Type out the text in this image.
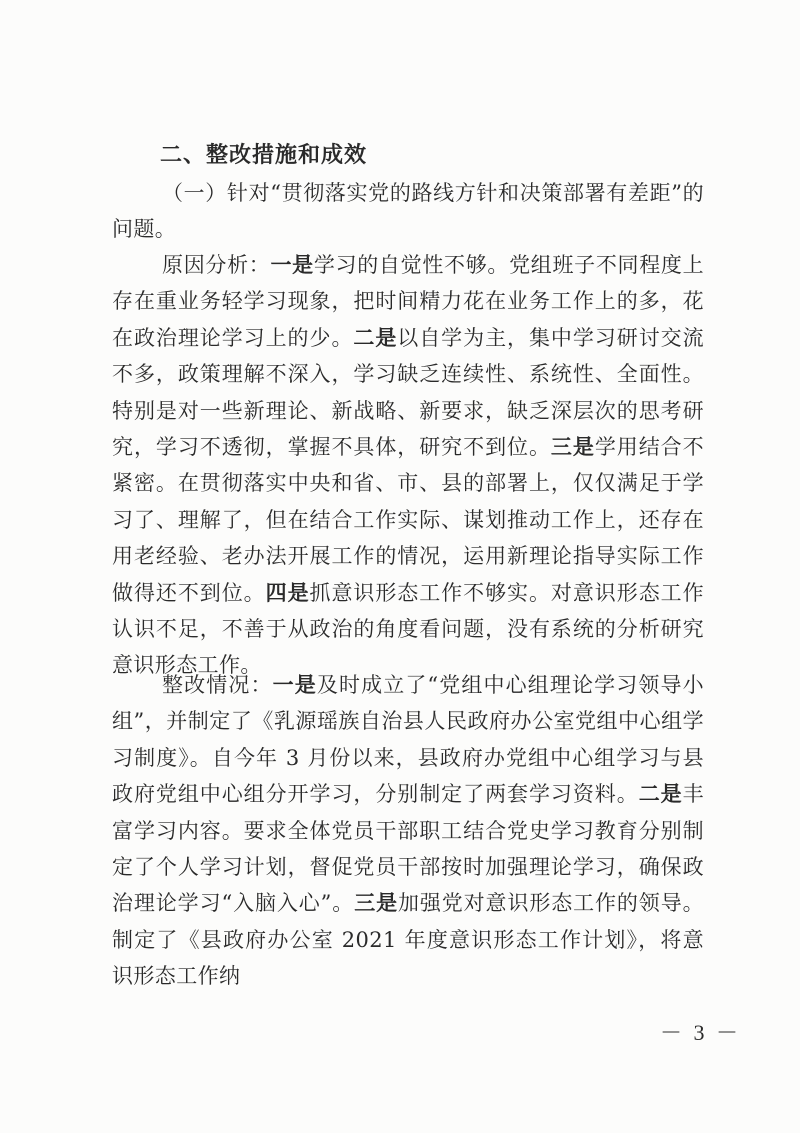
二、整改措施和成效
（一）针对“贯彻落实党的路线方针和决策部署有差距”的问题。
原因分析：一是学习的自觉性不够。党组班子不同程度上存在重业务轻学习现象，把时间精力花在业务工作上的多，花在政治理论学习上的少。二是以自学为主，集中学习研讨交流不多，政策理解不深入，学习缺乏连续性、系统性、全面性。特别是对一些新理论、新战略、新要求，缺乏深层次的思考研究，学习不透彻，掌握不具体，研究不到位。三是学用结合不紧密。在贯彻落实中央和省、市、县的部署上，仅仅满足于学习了、理解了，但在结合工作实际、谋划推动工作上，还存在用老经验、老办法开展工作的情况，运用新理论指导实际工作做得还不到位。四是抓意识形态工作不够实。对意识形态工作认识不足，不善于从政治的角度看问题，没有系统的分析研究意识形态工作。
整改情况：一是及时成立了“党组中心组理论学习领导小组”，并制定了《乳源瑶族自治县人民政府办公室党组中心组学习制度》。自今年 3 月份以来，县政府办党组中心组学习与县政府党组中心组分开学习，分别制定了两套学习资料。二是丰富学习内容。要求全体党员干部职工结合党史学习教育分别制定了个人学习计划，督促党员干部按时加强理论学习，确保政治理论学习“入脑入心”。三是加强党对意识形态工作的领导。制定了《县政府办公室 2021 年度意识形态工作计划》，将意识形态工作纳
－ 3 －
